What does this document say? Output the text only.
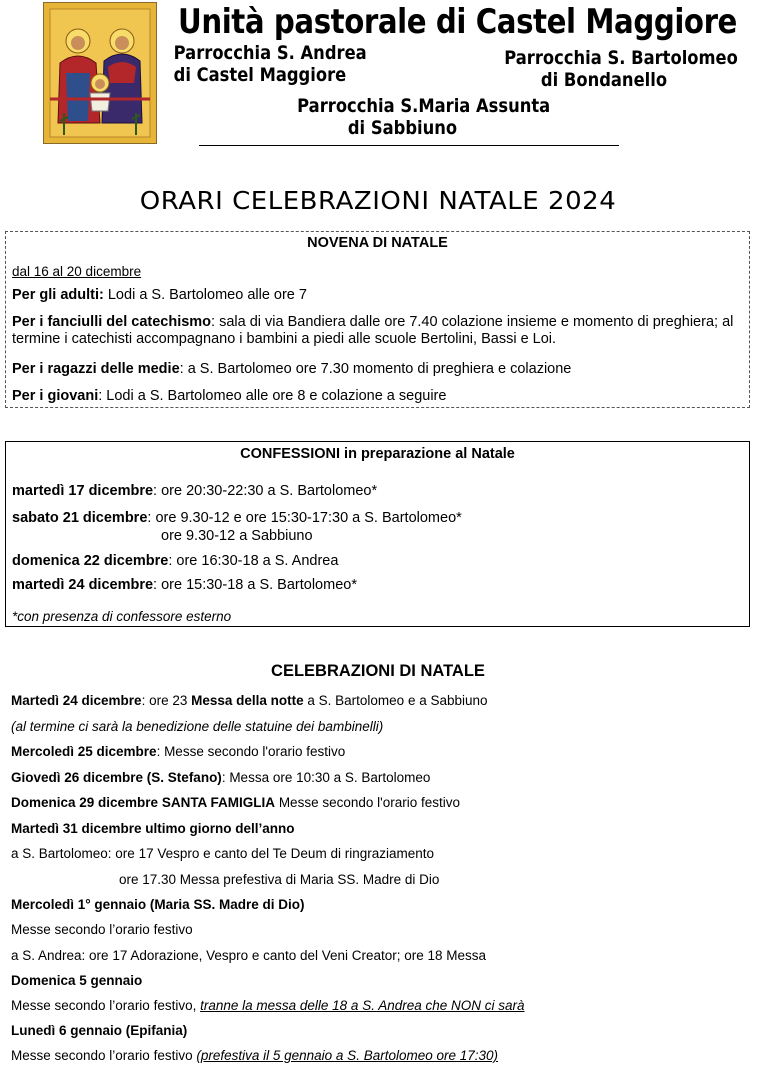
Unità pastorale di Castel Maggiore
Parrocchia S. Andrea
di Castel Maggiore
Parrocchia S. Bartolomeo
di Bondanello
Parrocchia S.Maria Assunta
di Sabbiuno
ORARI CELEBRAZIONI NATALE 2024
NOVENA DI NATALE
dal 16 al 20 dicembre
Per gli adulti: Lodi a S. Bartolomeo alle ore 7
Per i fanciulli del catechismo: sala di via Bandiera dalle ore 7.40 colazione insieme e momento di preghiera; al termine i catechisti accompagnano i bambini a piedi alle scuole Bertolini, Bassi e Loi.
Per i ragazzi delle medie: a S. Bartolomeo ore 7.30 momento di preghiera e colazione
Per i giovani: Lodi a S. Bartolomeo alle ore 8 e colazione a seguire
CONFESSIONI in preparazione al Natale
martedì 17 dicembre: ore 20:30-22:30 a S. Bartolomeo*
sabato 21 dicembre: ore 9.30-12 e ore 15:30-17:30 a S. Bartolomeo*
ore 9.30-12 a Sabbiuno
domenica 22 dicembre: ore 16:30-18 a S. Andrea
martedì 24 dicembre: ore 15:30-18 a S. Bartolomeo*
*con presenza di confessore esterno
CELEBRAZIONI DI NATALE
Martedì 24 dicembre: ore 23 Messa della notte a S. Bartolomeo e a Sabbiuno
(al termine ci sarà la benedizione delle statuine dei bambinelli)
Mercoledì 25 dicembre: Messe secondo l'orario festivo
Giovedì 26 dicembre (S. Stefano): Messa ore 10:30 a S. Bartolomeo
Domenica 29 dicembre SANTA FAMIGLIA Messe secondo l'orario festivo
Martedì 31 dicembre ultimo giorno dell’anno
a S. Bartolomeo: ore 17 Vespro e canto del Te Deum di ringraziamento
ore 17.30 Messa prefestiva di Maria SS. Madre di Dio
Mercoledì 1° gennaio (Maria SS. Madre di Dio)
Messe secondo l’orario festivo
a S. Andrea: ore 17 Adorazione, Vespro e canto del Veni Creator; ore 18 Messa
Domenica 5 gennaio
Messe secondo l’orario festivo, tranne la messa delle 18 a S. Andrea che NON ci sarà
Lunedì 6 gennaio (Epifania)
Messe secondo l’orario festivo (prefestiva il 5 gennaio a S. Bartolomeo ore 17:30)
